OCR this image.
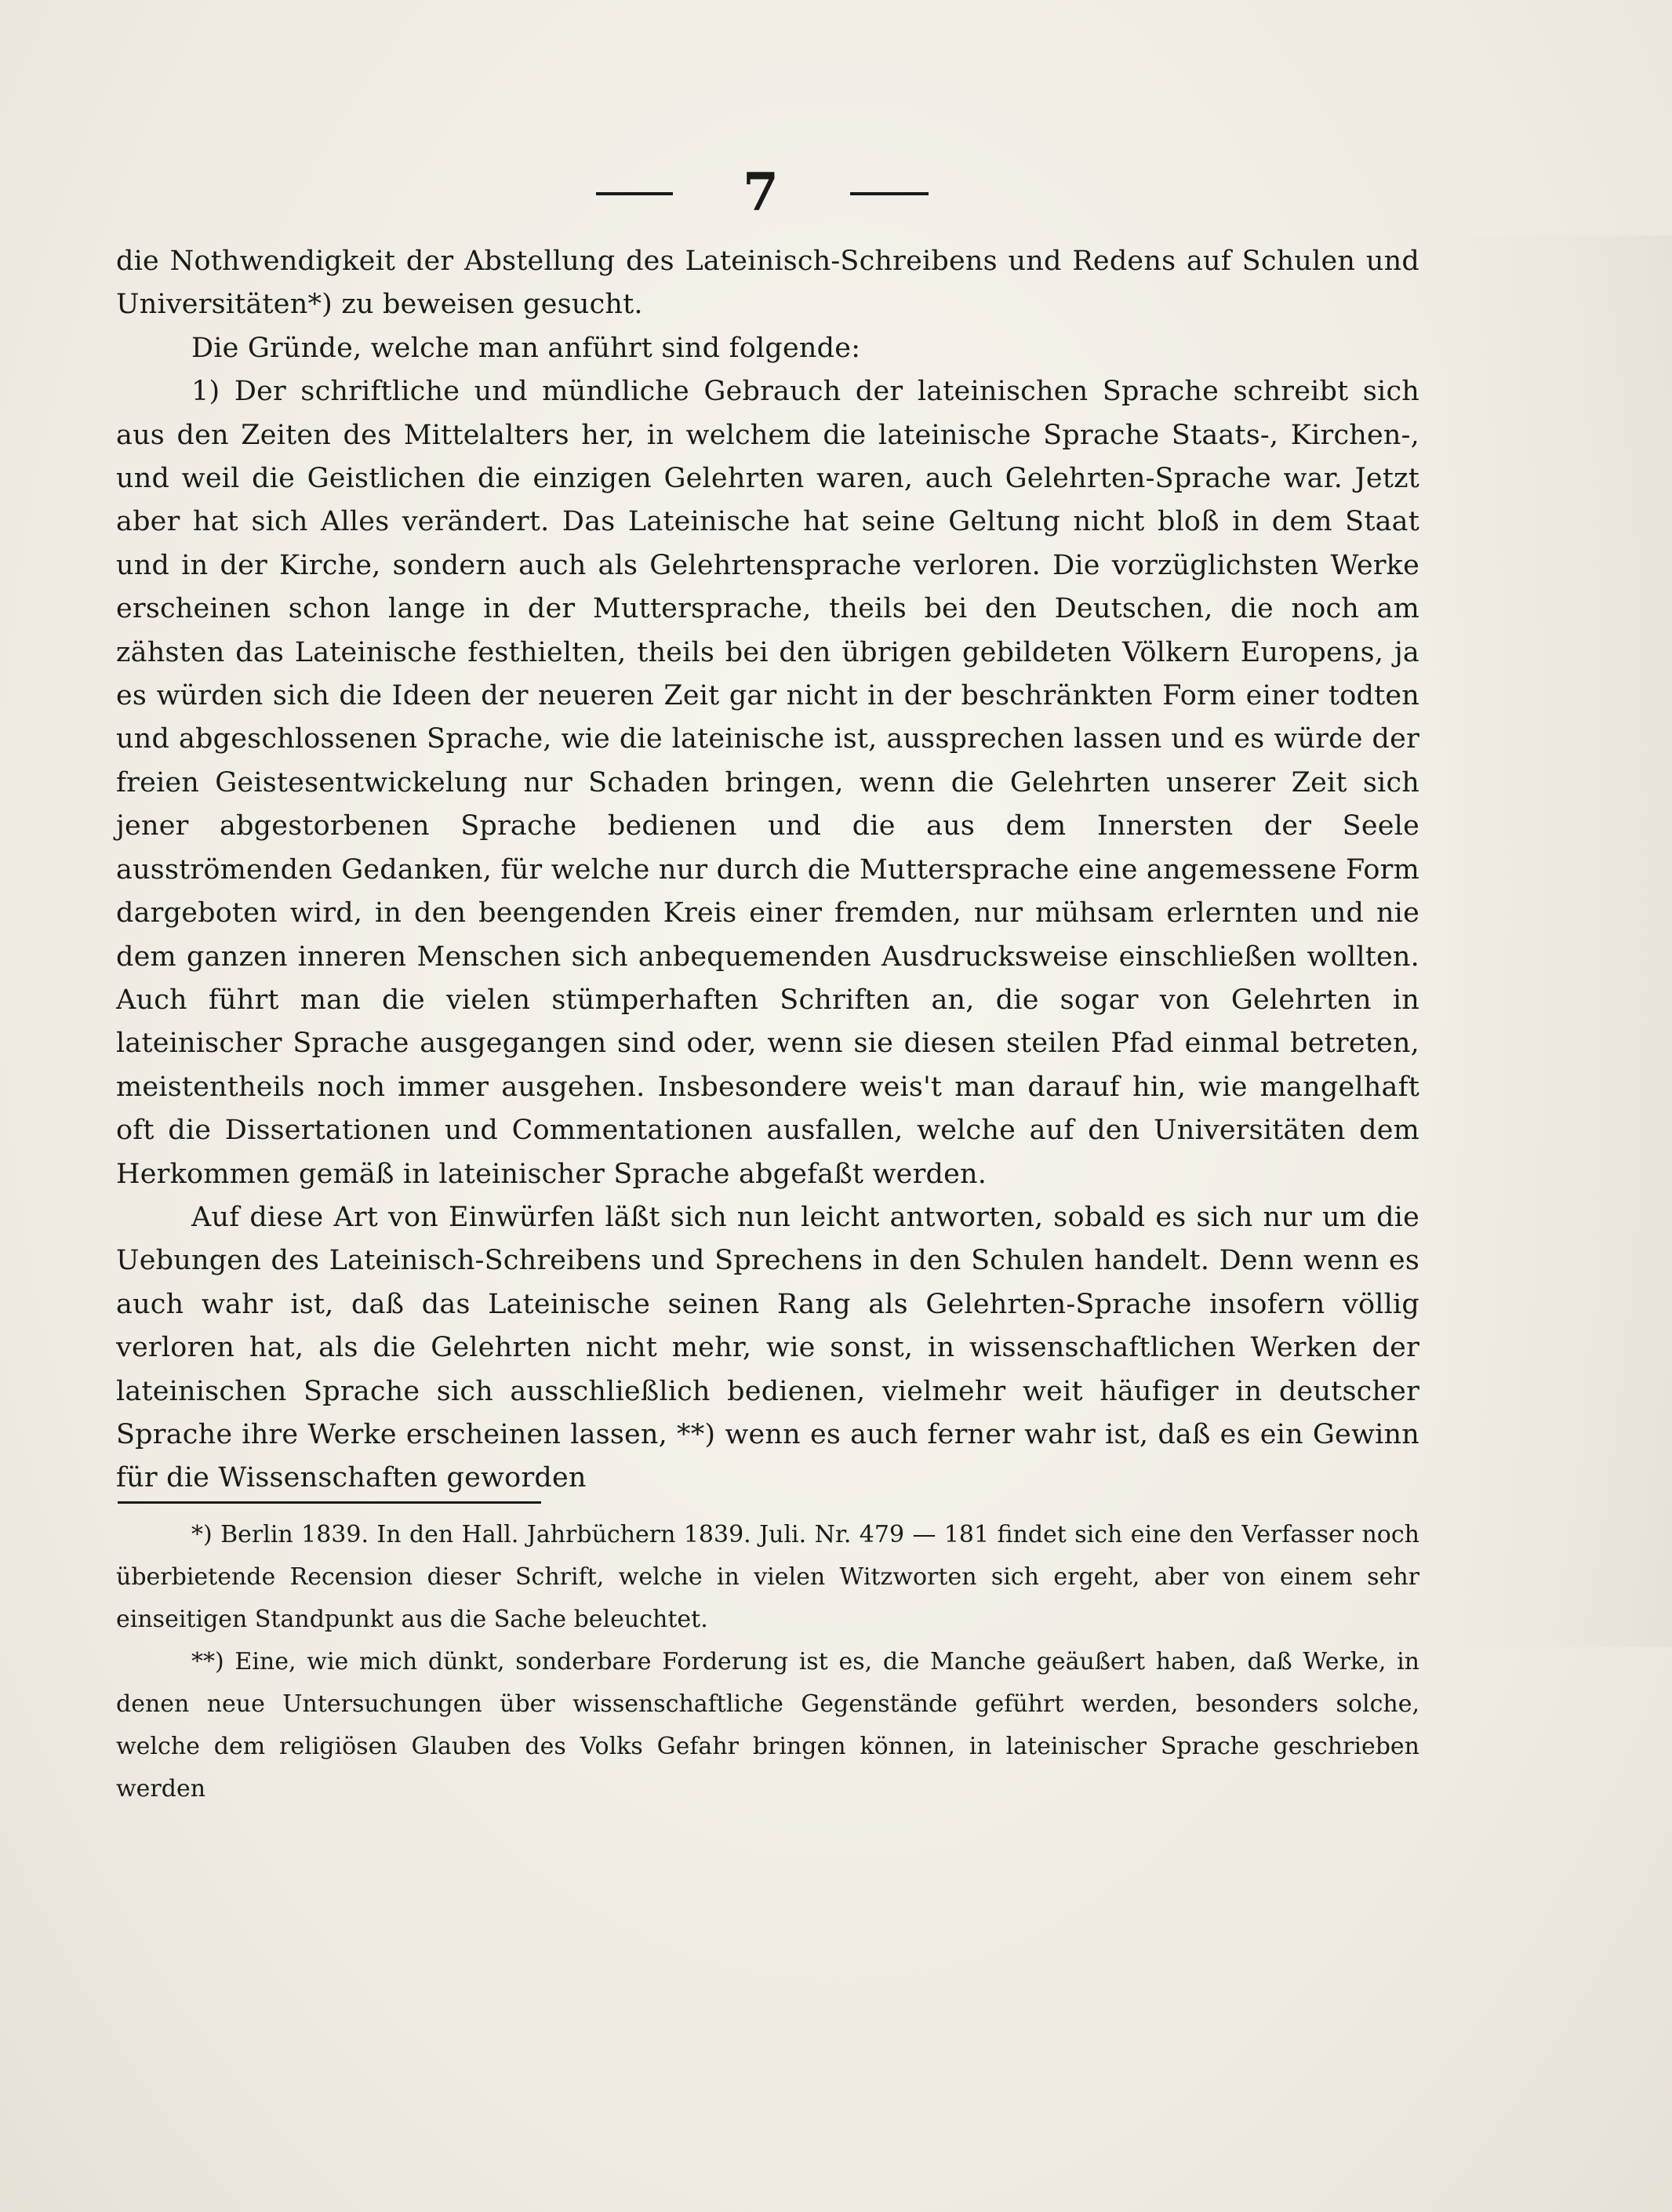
7

die Nothwendigkeit der Abstellung des Lateinisch-Schreibens und Redens auf Schulen und Universitäten*) zu beweisen gesucht.

Die Gründe, welche man anführt sind folgende:

1) Der schriftliche und mündliche Gebrauch der lateinischen Sprache schreibt sich aus den Zeiten des Mittelalters her, in welchem die lateinische Sprache Staats-, Kirchen-, und weil die Geistlichen die einzigen Gelehrten waren, auch Gelehrten-Sprache war. Jetzt aber hat sich Alles verändert. Das Lateinische hat seine Geltung nicht bloß in dem Staat und in der Kirche, sondern auch als Gelehrtensprache verloren. Die vorzüglichsten Werke erscheinen schon lange in der Muttersprache, theils bei den Deutschen, die noch am zähsten das Lateinische festhielten, theils bei den übrigen gebildeten Völkern Europens, ja es würden sich die Ideen der neueren Zeit gar nicht in der beschränkten Form einer todten und abgeschlossenen Sprache, wie die lateinische ist, aussprechen lassen und es würde der freien Geistesentwickelung nur Schaden bringen, wenn die Gelehrten unserer Zeit sich jener abgestorbenen Sprache bedienen und die aus dem Innersten der Seele ausströmenden Gedanken, für welche nur durch die Muttersprache eine angemessene Form dargeboten wird, in den beengenden Kreis einer fremden, nur mühsam erlernten und nie dem ganzen inneren Menschen sich anbequemenden Ausdrucksweise einschließen wollten. Auch führt man die vielen stümperhaften Schriften an, die sogar von Gelehrten in lateinischer Sprache ausgegangen sind oder, wenn sie diesen steilen Pfad einmal betreten, meistentheils noch immer ausgehen. Insbesondere weis't man darauf hin, wie mangelhaft oft die Dissertationen und Commentationen ausfallen, welche auf den Universitäten dem Herkommen gemäß in lateinischer Sprache abgefaßt werden.

Auf diese Art von Einwürfen läßt sich nun leicht antworten, sobald es sich nur um die Uebungen des Lateinisch-Schreibens und Sprechens in den Schulen handelt. Denn wenn es auch wahr ist, daß das Lateinische seinen Rang als Gelehrten-Sprache insofern völlig verloren hat, als die Gelehrten nicht mehr, wie sonst, in wissenschaftlichen Werken der lateinischen Sprache sich ausschließlich bedienen, vielmehr weit häufiger in deutscher Sprache ihre Werke erscheinen lassen, **) wenn es auch ferner wahr ist, daß es ein Gewinn für die Wissenschaften geworden

*) Berlin 1839. In den Hall. Jahrbüchern 1839. Juli. Nr. 479 — 181 findet sich eine den Verfasser noch überbietende Recension dieser Schrift, welche in vielen Witzworten sich ergeht, aber von einem sehr einseitigen Standpunkt aus die Sache beleuchtet.

**) Eine, wie mich dünkt, sonderbare Forderung ist es, die Manche geäußert haben, daß Werke, in denen neue Untersuchungen über wissenschaftliche Gegenstände geführt werden, besonders solche, welche dem religiösen Glauben des Volks Gefahr bringen können, in lateinischer Sprache geschrieben werden
